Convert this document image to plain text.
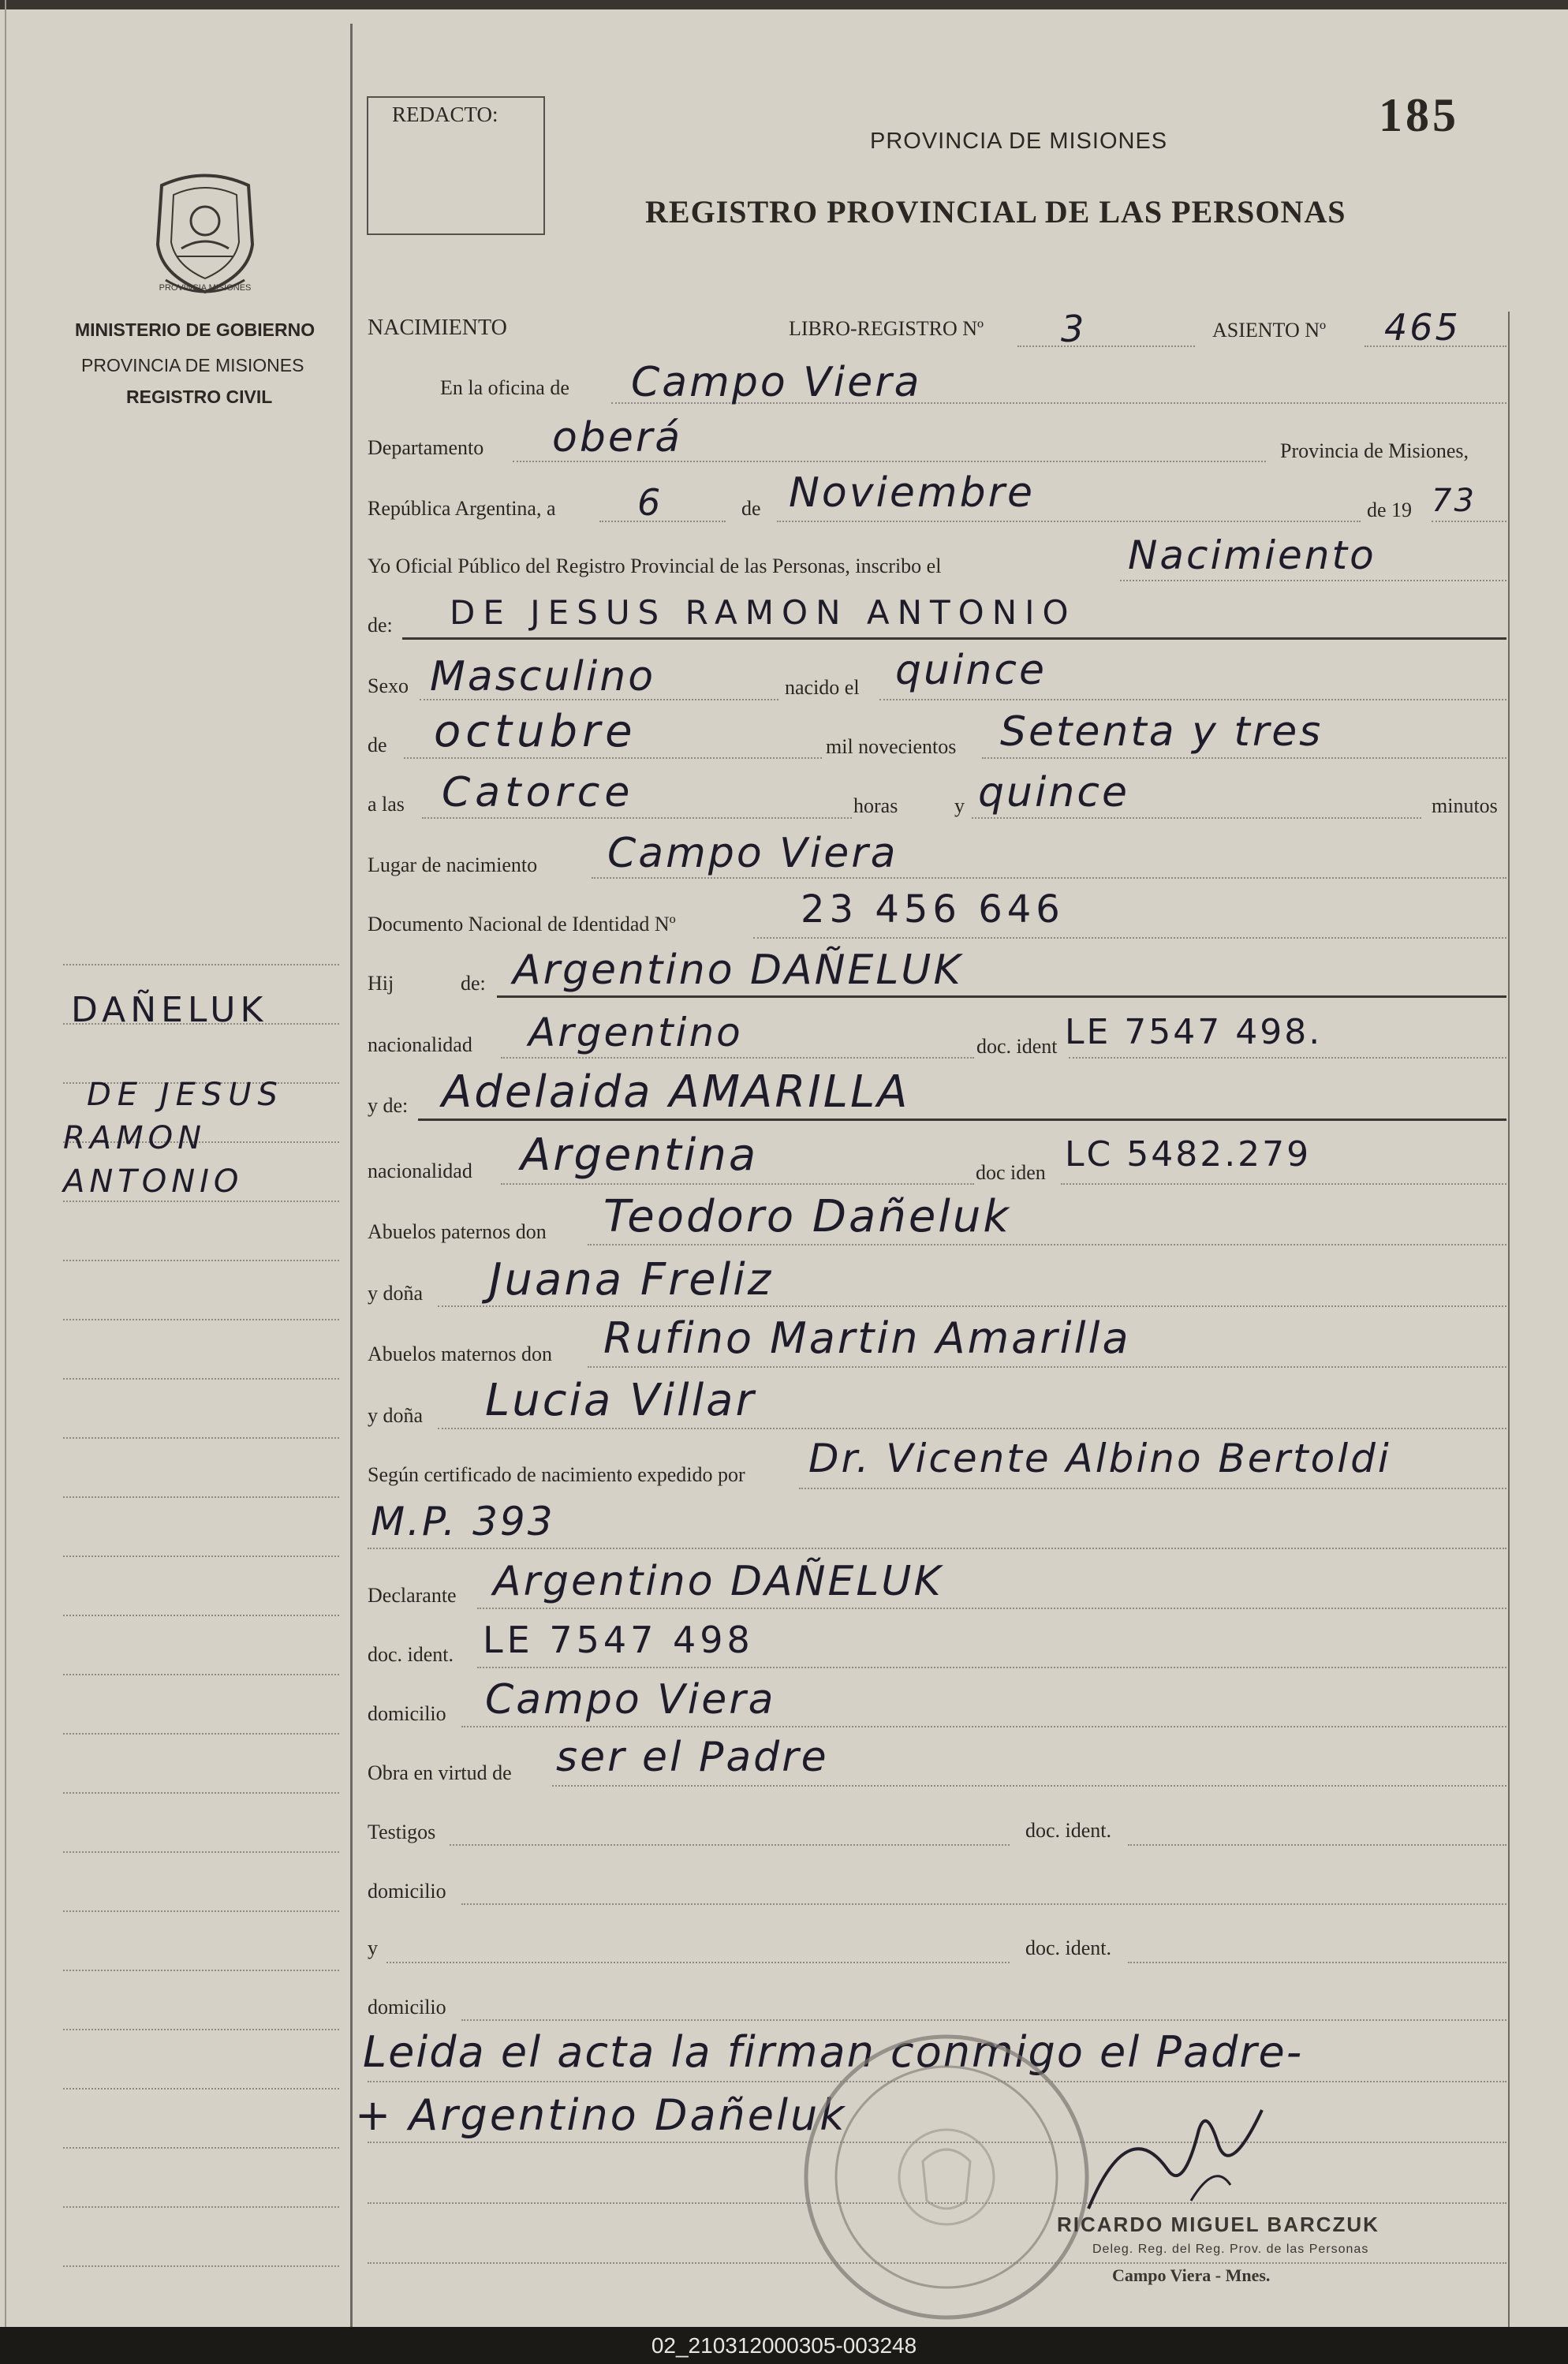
REDACTO:
PROVINCIA DE MISIONES
REGISTRO PROVINCIAL DE LAS PERSONAS
185
PROVINCIA MISIONES
MINISTERIO DE GOBIERNO
PROVINCIA DE MISIONES
REGISTRO CIVIL
DAÑELUK
DE JESUS
RAMON
ANTONIO
NACIMIENTO	LIBRO-REGISTRO Nº 3	ASIENTO Nº 465
En la oficina de Campo Viera
Departamento oberá	Provincia de Misiones,
República Argentina, a 6	de Noviembre	de 19 73
Yo Oficial Público del Registro Provincial de las Personas, inscribo el	Nacimiento
de: DE JESUS RAMON ANTONIO
Sexo Masculino	nacido el quince
de octubre	mil novecientos Setenta y tres
a las Catorce	horas	y quince	minutos
Lugar de nacimiento Campo Viera
Documento Nacional de Identidad Nº	23 456 646
Hij	de: Argentino DAÑELUK
nacionalidad Argentino	doc. ident LE 7547 498.
y de: Adelaida AMARILLA
nacionalidad Argentina	doc iden LC 5482.279
Abuelos paternos don Teodoro Dañeluk
y doña Juana Freliz
Abuelos maternos don Rufino Martin Amarilla
y doña Lucia Villar
Según certificado de nacimiento expedido por Dr. Vicente Albino Bertoldi
M.P. 393
Declarante Argentino DAÑELUK
doc. ident. LE 7547 498
domicilio Campo Viera
Obra en virtud de ser el Padre
Testigos	doc. ident.
domicilio
y	doc. ident.
domicilio
Leida el acta la firman conmigo el Padre-
+ Argentino Dañeluk
RICARDO MIGUEL BARCZUK
Deleg. Reg. del Reg. Prov. de las Personas
Campo Viera - Mnes.
02_210312000305-003248
